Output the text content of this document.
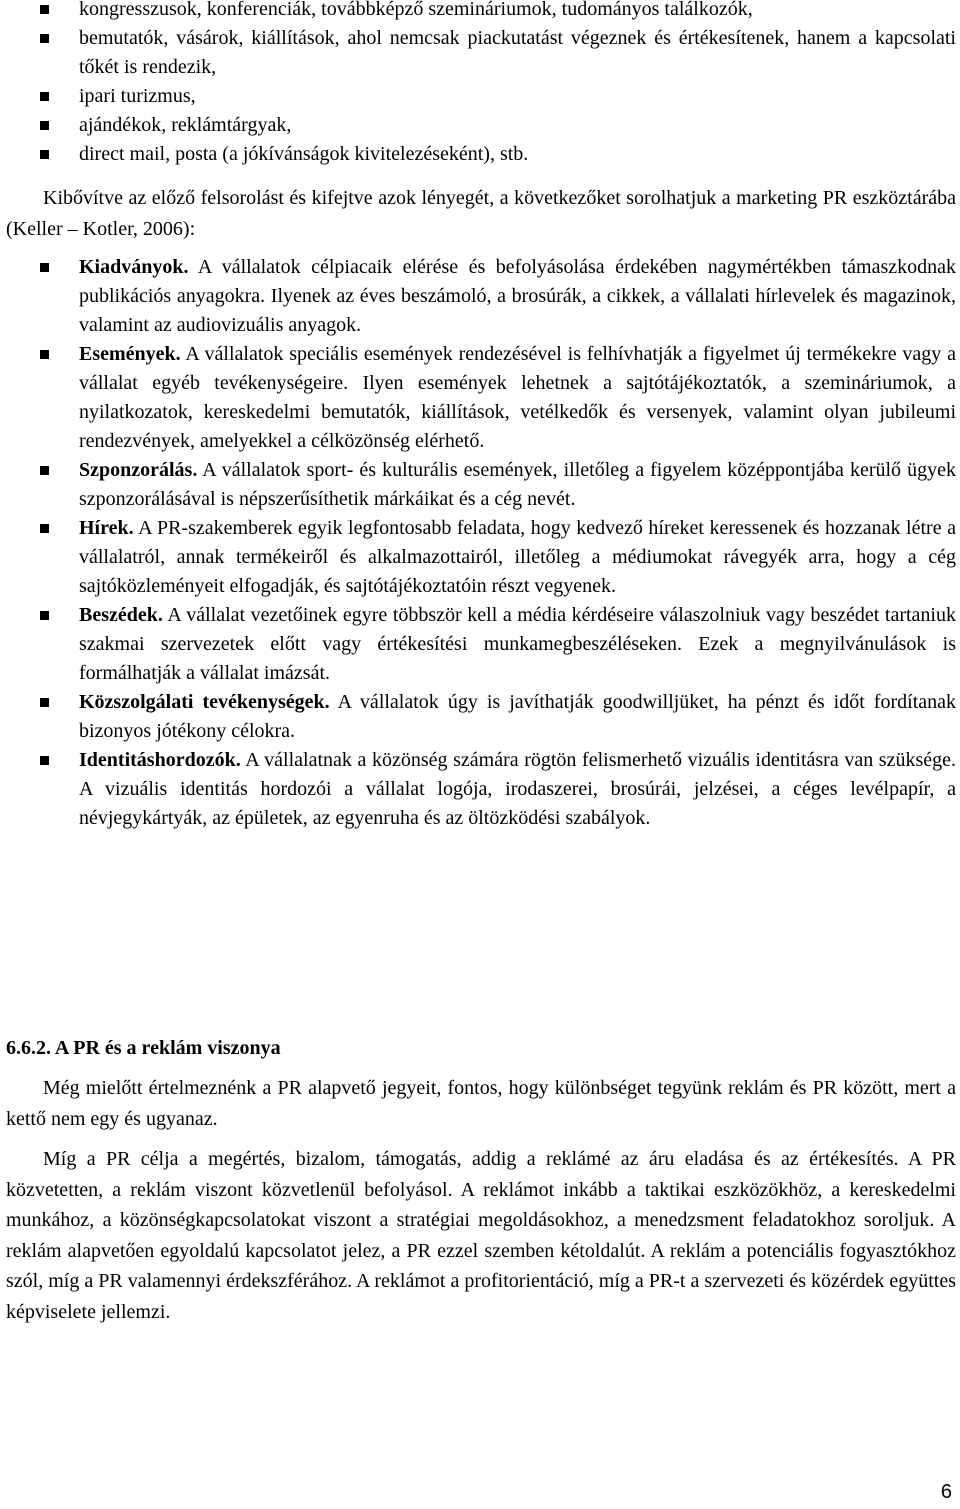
kongresszusok, konferenciák, továbbképző szemináriumok, tudományos találkozók,
bemutatók, vásárok, kiállítások, ahol nemcsak piackutatást végeznek és értékesítenek, hanem a kapcsolati tőkét is rendezik,
ipari turizmus,
ajándékok, reklámtárgyak,
direct mail, posta (a jókívánságok kivitelezéseként), stb.

Kibővítve az előző felsorolást és kifejtve azok lényegét, a következőket sorolhatjuk a marketing PR eszköztárába (Keller – Kotler, 2006):

Kiadványok. A vállalatok célpiacaik elérése és befolyásolása érdekében nagymértékben támaszkodnak publikációs anyagokra. Ilyenek az éves beszámoló, a brosúrák, a cikkek, a vállalati hírlevelek és magazinok, valamint az audiovizuális anyagok.
Események. A vállalatok speciális események rendezésével is felhívhatják a figyelmet új termékekre vagy a vállalat egyéb tevékenységeire. Ilyen események lehetnek a sajtótájékoztatók, a szemináriumok, a nyilatkozatok, kereskedelmi bemutatók, kiállítások, vetélkedők és versenyek, valamint olyan jubileumi rendezvények, amelyekkel a célközönség elérhető.
Szponzorálás. A vállalatok sport- és kulturális események, illetőleg a figyelem középpontjába kerülő ügyek szponzorálásával is népszerűsíthetik márkáikat és a cég nevét.
Hírek. A PR-szakemberek egyik legfontosabb feladata, hogy kedvező híreket keressenek és hozzanak létre a vállalatról, annak termékeiről és alkalmazottairól, illetőleg a médiumokat rávegyék arra, hogy a cég sajtóközleményeit elfogadják, és sajtótájékoztatóin részt vegyenek.
Beszédek. A vállalat vezetőinek egyre többször kell a média kérdéseire válaszolniuk vagy beszédet tartaniuk szakmai szervezetek előtt vagy értékesítési munkamegbeszéléseken. Ezek a megnyilvánulások is formálhatják a vállalat imázsát.
Közszolgálati tevékenységek. A vállalatok úgy is javíthatják goodwilljüket, ha pénzt és időt fordítanak bizonyos jótékony célokra.
Identitáshordozók. A vállalatnak a közönség számára rögtön felismerhető vizuális identitásra van szüksége. A vizuális identitás hordozói a vállalat logója, irodaszerei, brosúrái, jelzései, a céges levélpapír, a névjegykártyák, az épületek, az egyenruha és az öltözködési szabályok.
6.6.2. A PR és a reklám viszonya

Még mielőtt értelmeznénk a PR alapvető jegyeit, fontos, hogy különbséget tegyünk reklám és PR között, mert a kettő nem egy és ugyanaz.

Míg a PR célja a megértés, bizalom, támogatás, addig a reklámé az áru eladása és az értékesítés. A PR közvetetten, a reklám viszont közvetlenül befolyásol. A reklámot inkább a taktikai eszközökhöz, a kereskedelmi munkához, a közönségkapcsolatokat viszont a stratégiai megoldásokhoz, a menedzsment feladatokhoz soroljuk. A reklám alapvetően egyoldalú kapcsolatot jelez, a PR ezzel szemben kétoldalút. A reklám a potenciális fogyasztókhoz szól, míg a PR valamennyi érdekszférához. A reklámot a profitorientáció, míg a PR-t a szervezeti és közérdek együttes képviselete jellemzi.

6
